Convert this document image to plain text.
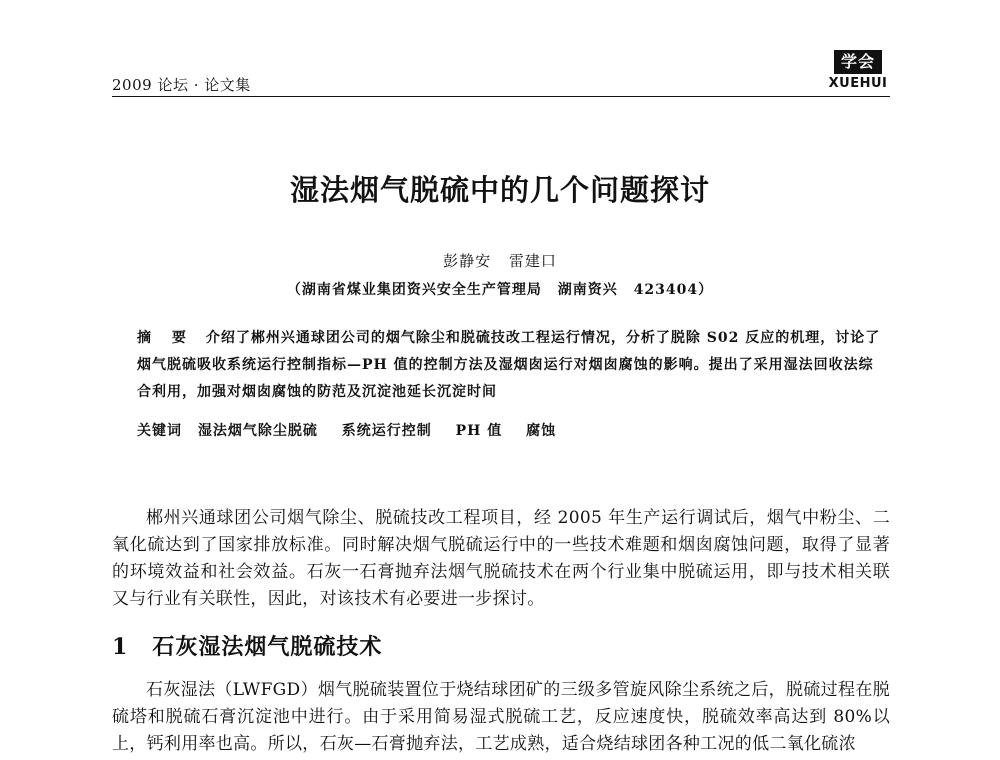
2009 论坛 · 论文集
学会
XUEHUI
湿法烟气脱硫中的几个问题探讨
彭静安 雷建口
（湖南省煤业集团资兴安全生产管理局 湖南资兴 423404）
摘 要 介绍了郴州兴通球团公司的烟气除尘和脱硫技改工程运行情况，分析了脱除 S02 反应的机理，讨论了烟气脱硫吸收系统运行控制指标—PH 值的控制方法及湿烟囱运行对烟囱腐蚀的影响。提出了采用湿法回收法综合利用，加强对烟囱腐蚀的防范及沉淀池延长沉淀时间
关键词 湿法烟气除尘脱硫 系统运行控制 PH 值 腐蚀
郴州兴通球团公司烟气除尘、脱硫技改工程项目，经 2005 年生产运行调试后，烟气中粉尘、二氧化硫达到了国家排放标准。同时解决烟气脱硫运行中的一些技术难题和烟囱腐蚀问题，取得了显著的环境效益和社会效益。石灰一石膏抛弃法烟气脱硫技术在两个行业集中脱硫运用，即与技术相关联又与行业有关联性，因此，对该技术有必要进一步探讨。
1 石灰湿法烟气脱硫技术
石灰湿法（LWFGD）烟气脱硫装置位于烧结球团矿的三级多管旋风除尘系统之后，脱硫过程在脱硫塔和脱硫石膏沉淀池中进行。由于采用简易湿式脱硫工艺，反应速度快，脱硫效率高达到 80%以上，钙利用率也高。所以，石灰—石膏抛弃法，工艺成熟，适合烧结球团各种工况的低二氧化硫浓
